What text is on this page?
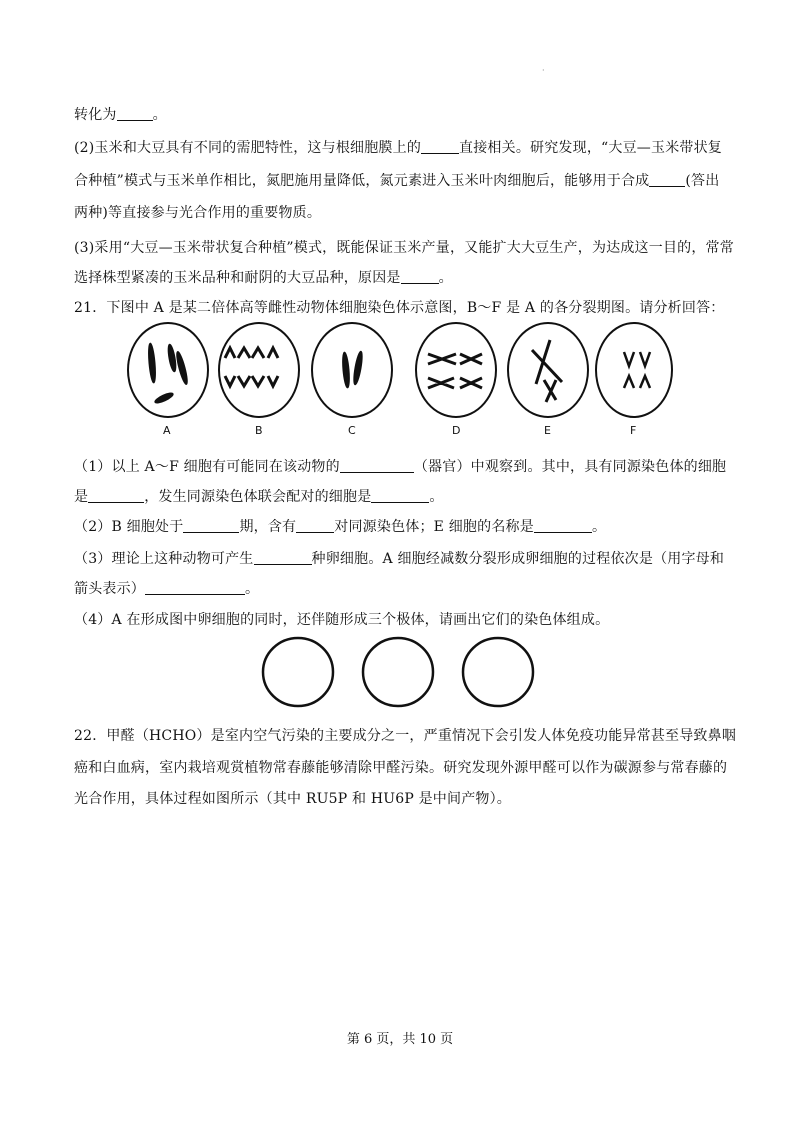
·
转化为	。
(2)玉米和大豆具有不同的需肥特性，这与根细胞膜上的	直接相关。研究发现，“大豆—玉米带状复
合种植”模式与玉米单作相比，氮肥施用量降低，氮元素进入玉米叶肉细胞后，能够用于合成	(答出
两种)等直接参与光合作用的重要物质。
(3)采用“大豆—玉米带状复合种植”模式，既能保证玉米产量，又能扩大大豆生产，为达成这一目的，常常
选择株型紧凑的玉米品种和耐阴的大豆品种，原因是	。
21．下图中 A 是某二倍体高等雌性动物体细胞染色体示意图，B～F 是 A 的各分裂期图。请分析回答：
A	B	C	D	E	F
（1）以上 A～F 细胞有可能同在该动物的	（器官）中观察到。其中，具有同源染色体的细胞
是	，发生同源染色体联会配对的细胞是	。
（2）B 细胞处于	期，含有	对同源染色体；E 细胞的名称是	。
（3）理论上这种动物可产生	种卵细胞。A 细胞经减数分裂形成卵细胞的过程依次是（用字母和
箭头表示）	。
（4）A 在形成图中卵细胞的同时，还伴随形成三个极体，请画出它们的染色体组成。
22．甲醛（HCHO）是室内空气污染的主要成分之一，严重情况下会引发人体免疫功能异常甚至导致鼻咽
癌和白血病，室内栽培观赏植物常春藤能够清除甲醛污染。研究发现外源甲醛可以作为碳源参与常春藤的
光合作用，具体过程如图所示（其中 RU5P 和 HU6P 是中间产物）。
第 6 页，共 10 页
